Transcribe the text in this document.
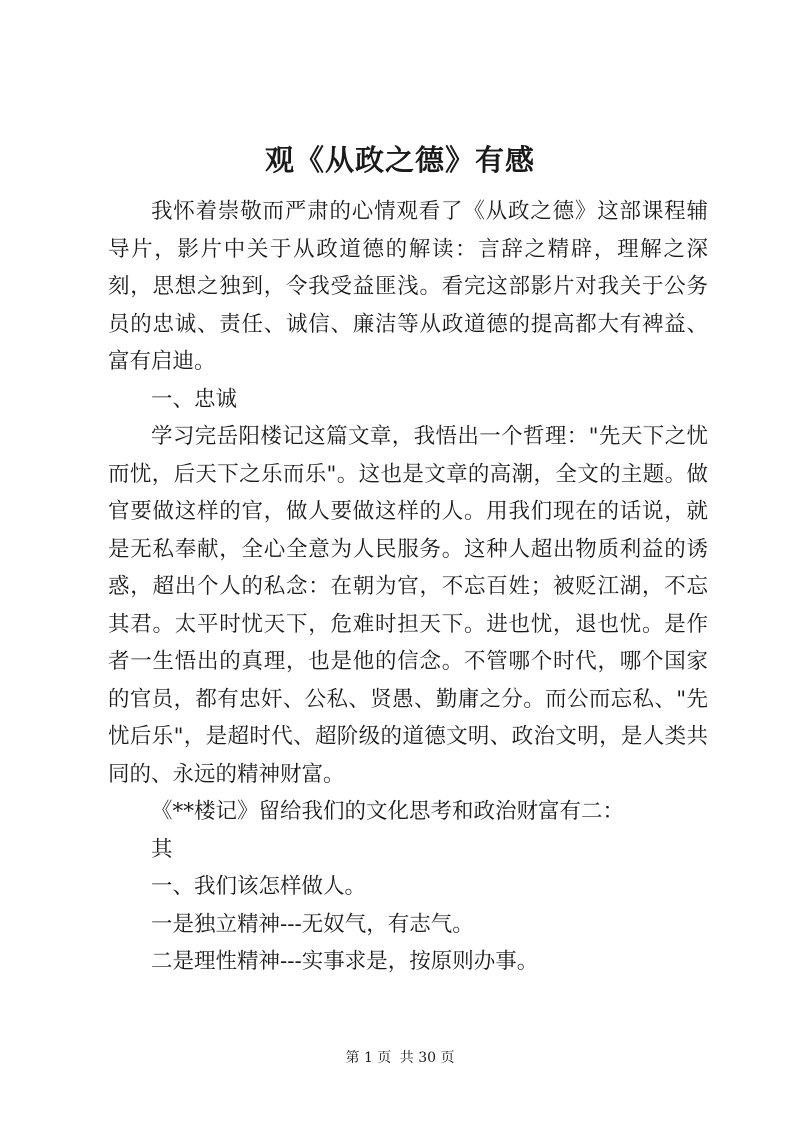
观《从政之德》有感

我怀着崇敬而严肃的心情观看了《从政之德》这部课程辅导片，影片中关于从政道德的解读：言辞之精辟，理解之深刻，思想之独到，令我受益匪浅。看完这部影片对我关于公务员的忠诚、责任、诚信、廉洁等从政道德的提高都大有裨益、富有启迪。

一、忠诚

学习完岳阳楼记这篇文章，我悟出一个哲理："先天下之忧而忧，后天下之乐而乐"。这也是文章的高潮，全文的主题。做官要做这样的官，做人要做这样的人。用我们现在的话说，就是无私奉献，全心全意为人民服务。这种人超出物质利益的诱惑，超出个人的私念：在朝为官，不忘百姓；被贬江湖，不忘其君。太平时忧天下，危难时担天下。进也忧，退也忧。是作者一生悟出的真理，也是他的信念。不管哪个时代，哪个国家的官员，都有忠奸、公私、贤愚、勤庸之分。而公而忘私、"先忧后乐"，是超时代、超阶级的道德文明、政治文明，是人类共同的、永远的精神财富。

《**楼记》留给我们的文化思考和政治财富有二：

其

一、我们该怎样做人。

一是独立精神---无奴气，有志气。

二是理性精神---实事求是，按原则办事。

第 1 页 共 30 页
